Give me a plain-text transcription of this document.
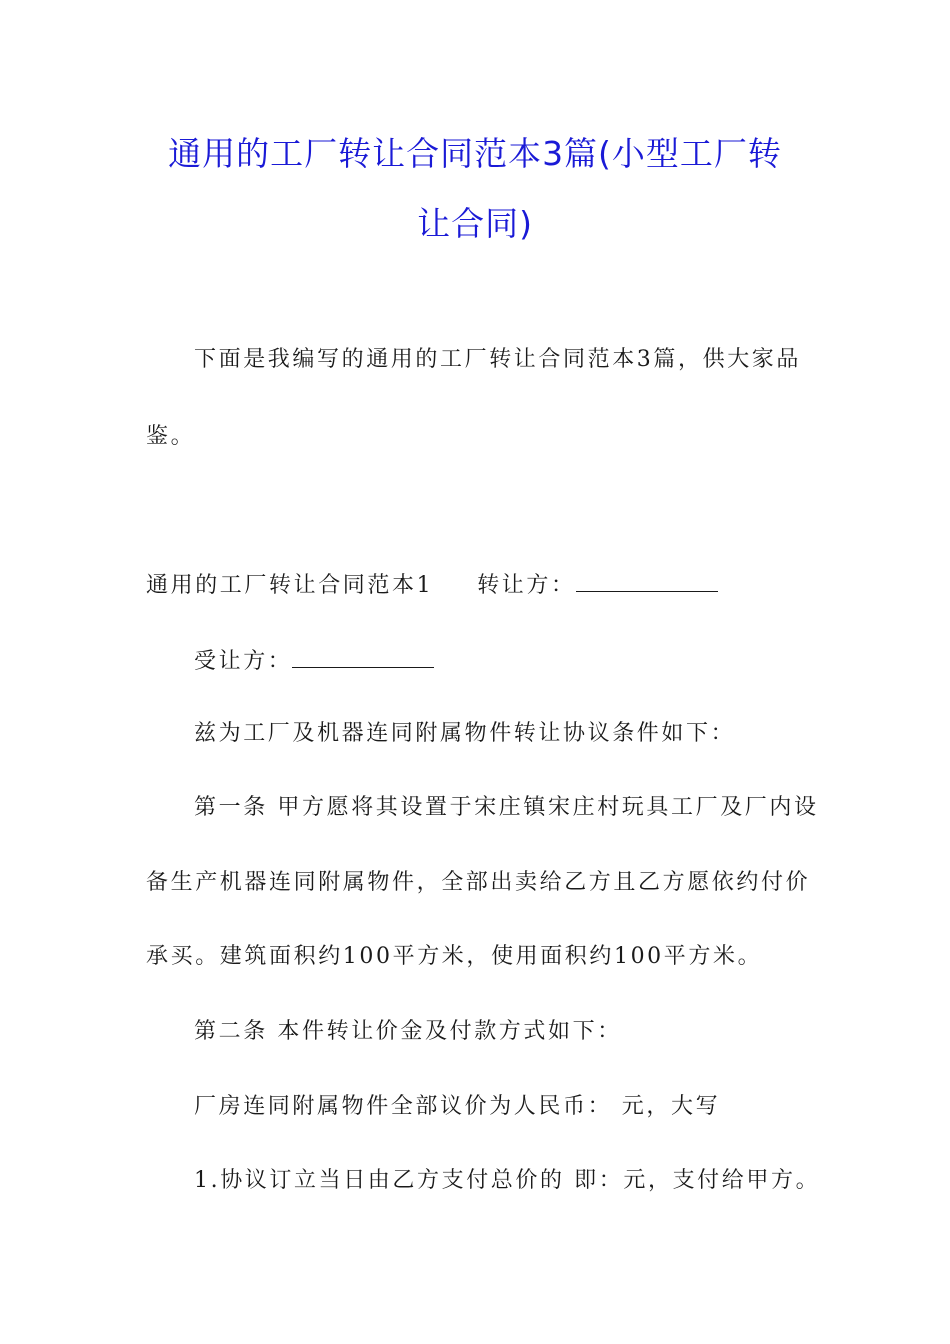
通用的工厂转让合同范本3篇(小型工厂转
让合同)
下面是我编写的通用的工厂转让合同范本3篇，供大家品
鉴。
通用的工厂转让合同范本1 转让方：
受让方：
兹为工厂及机器连同附属物件转让协议条件如下：
第一条 甲方愿将其设置于宋庄镇宋庄村玩具工厂及厂内设
备生产机器连同附属物件，全部出卖给乙方且乙方愿依约付价
承买。建筑面积约100平方米，使用面积约100平方米。
第二条 本件转让价金及付款方式如下：
厂房连同附属物件全部议价为人民币： 元，大写
1.协议订立当日由乙方支付总价的 即：元，支付给甲方。
